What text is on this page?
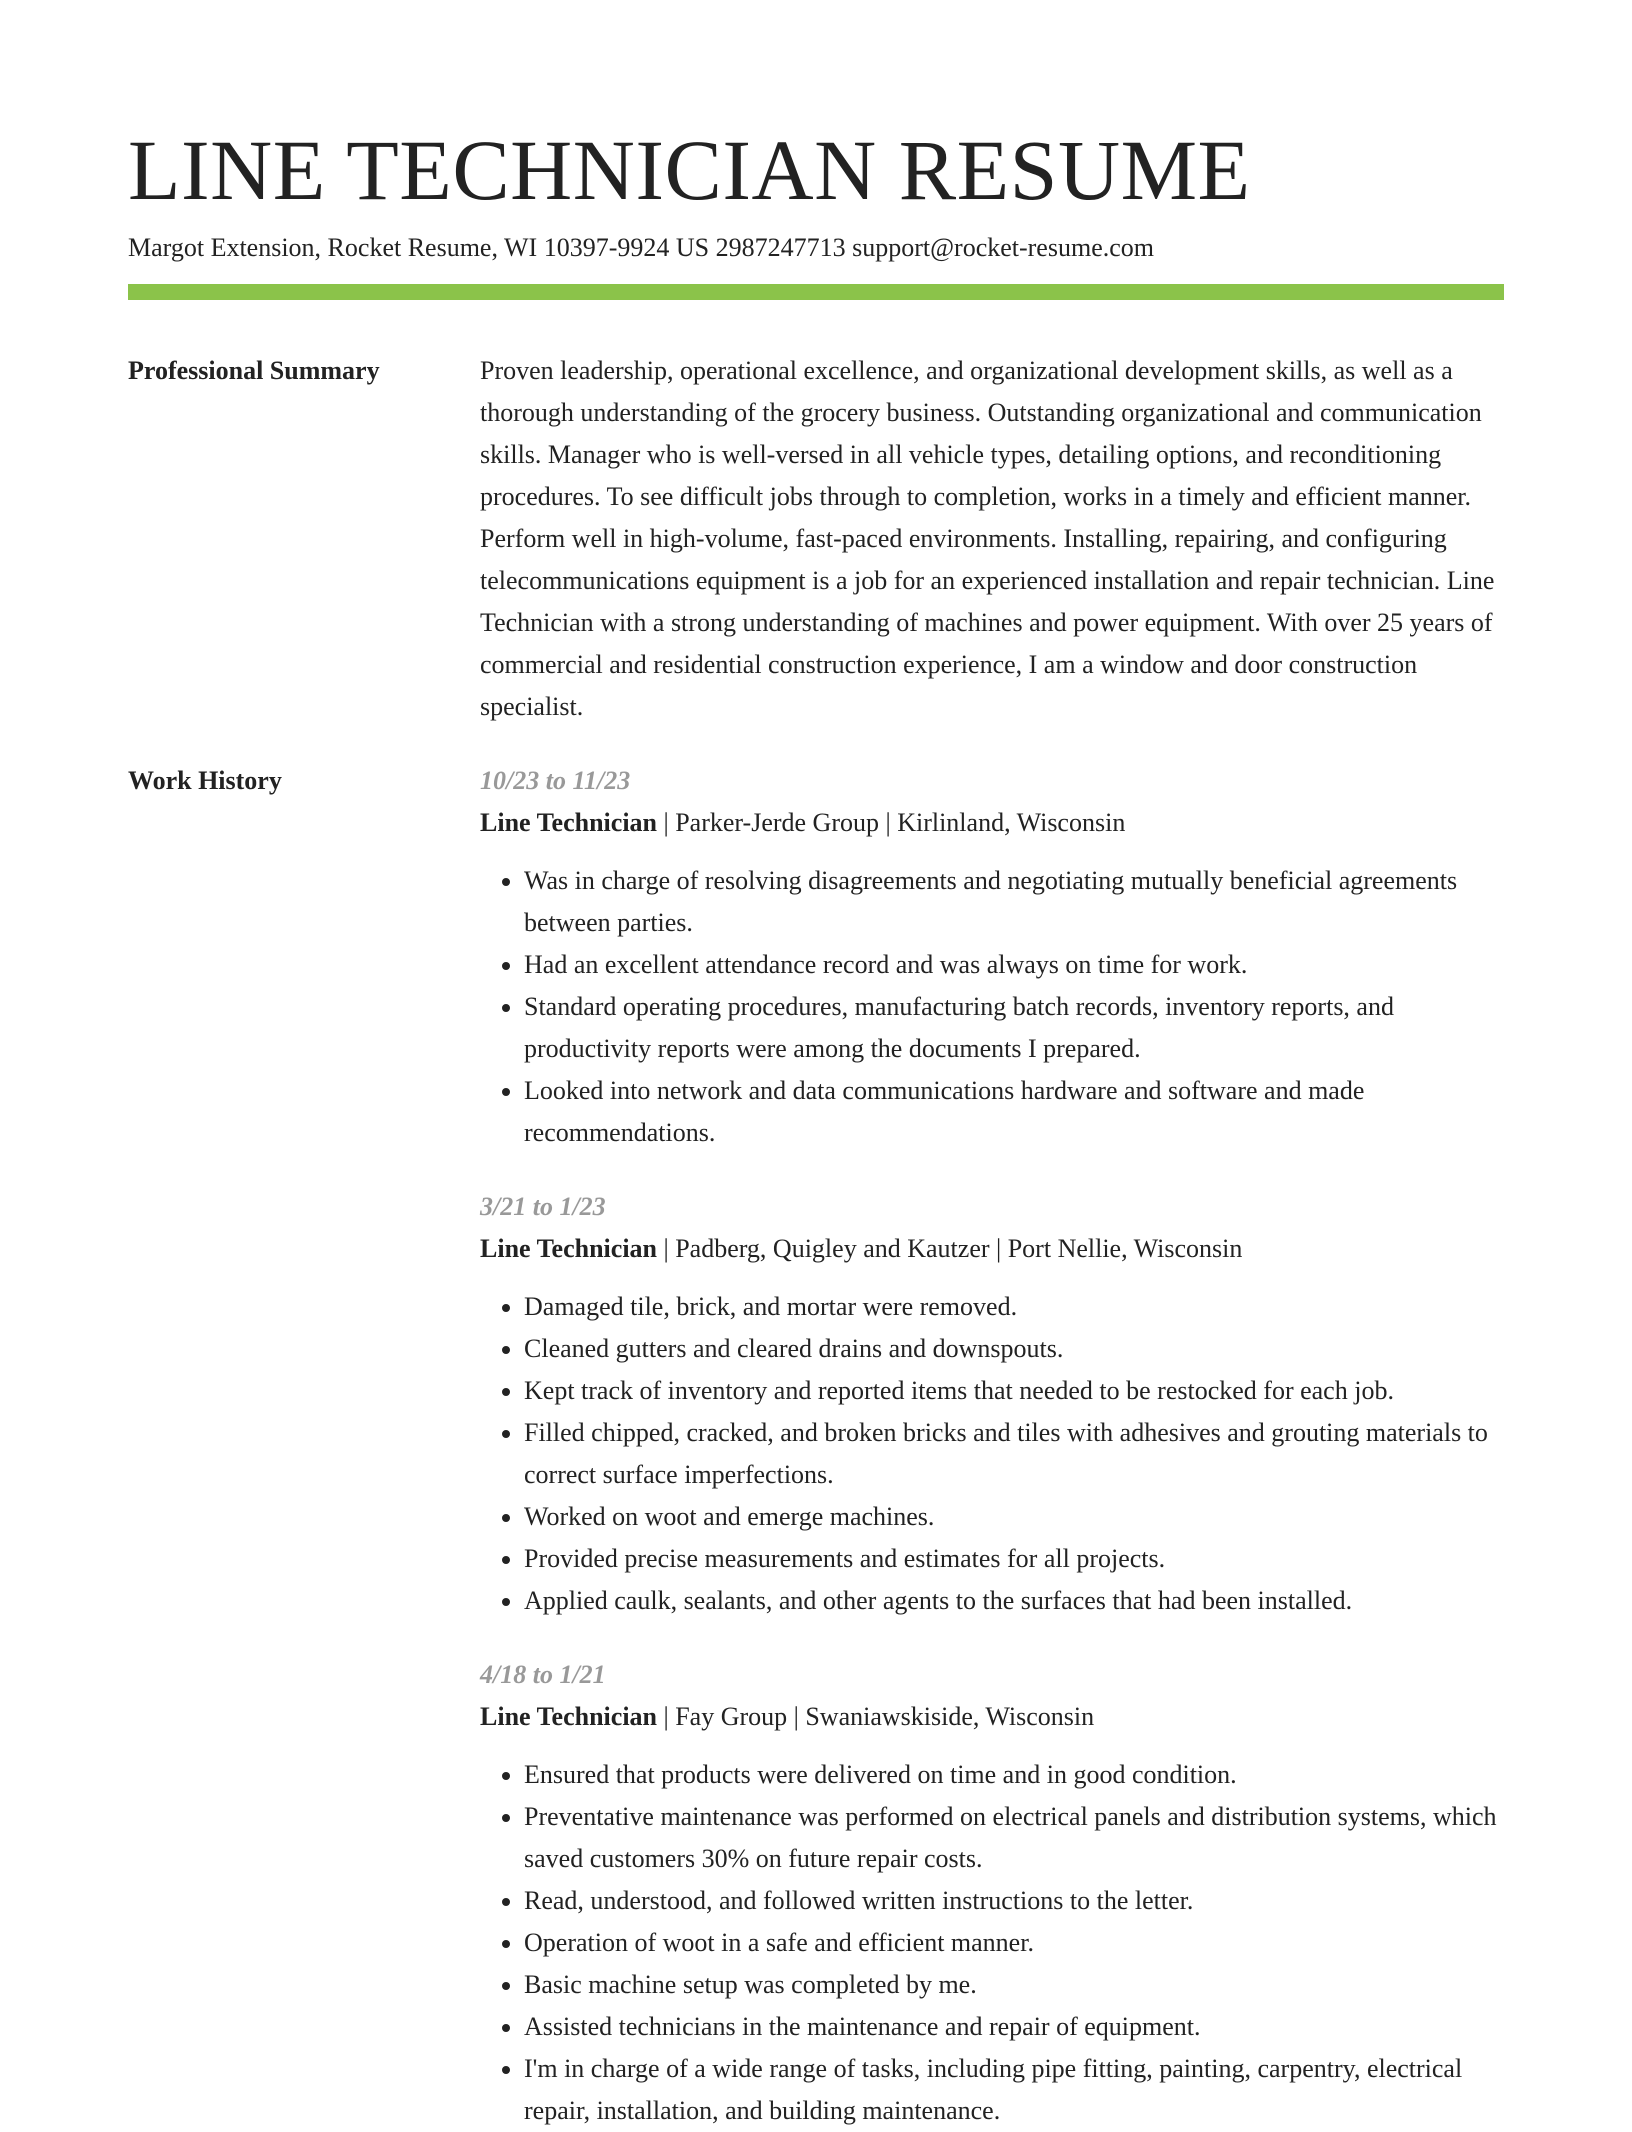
LINE TECHNICIAN RESUME
Margot Extension, Rocket Resume, WI 10397-9924 US 2987247713 support@rocket-resume.com
Professional Summary	Proven leadership, operational excellence, and organizational development skills, as well as a thorough understanding of the grocery business. Outstanding organizational and communication skills. Manager who is well-versed in all vehicle types, detailing options, and reconditioning procedures. To see difficult jobs through to completion, works in a timely and efficient manner. Perform well in high-volume, fast-paced environments. Installing, repairing, and configuring telecommunications equipment is a job for an experienced installation and repair technician. Line Technician with a strong understanding of machines and power equipment. With over 25 years of commercial and residential construction experience, I am a window and door construction specialist.

Work History	10/23 to 11/23
Line Technician | Parker-Jerde Group | Kirlinland, Wisconsin
• Was in charge of resolving disagreements and negotiating mutually beneficial agreements between parties.
• Had an excellent attendance record and was always on time for work.
• Standard operating procedures, manufacturing batch records, inventory reports, and productivity reports were among the documents I prepared.
• Looked into network and data communications hardware and software and made recommendations.
3/21 to 1/23
Line Technician | Padberg, Quigley and Kautzer | Port Nellie, Wisconsin
• Damaged tile, brick, and mortar were removed.
• Cleaned gutters and cleared drains and downspouts.
• Kept track of inventory and reported items that needed to be restocked for each job.
• Filled chipped, cracked, and broken bricks and tiles with adhesives and grouting materials to correct surface imperfections.
• Worked on woot and emerge machines.
• Provided precise measurements and estimates for all projects.
• Applied caulk, sealants, and other agents to the surfaces that had been installed.
4/18 to 1/21
Line Technician | Fay Group | Swaniawskiside, Wisconsin
• Ensured that products were delivered on time and in good condition.
• Preventative maintenance was performed on electrical panels and distribution systems, which saved customers 30% on future repair costs.
• Read, understood, and followed written instructions to the letter.
• Operation of woot in a safe and efficient manner.
• Basic machine setup was completed by me.
• Assisted technicians in the maintenance and repair of equipment.
• I'm in charge of a wide range of tasks, including pipe fitting, painting, carpentry, electrical repair, installation, and building maintenance.
